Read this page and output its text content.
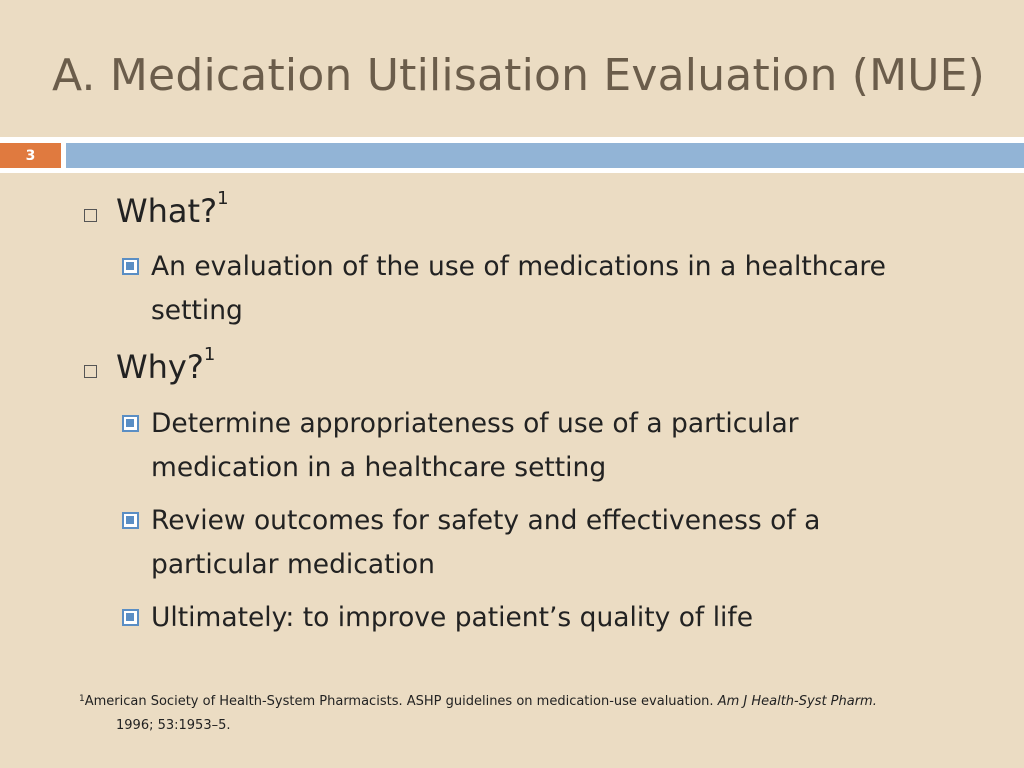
A. Medication Utilisation Evaluation (MUE)
3
What?$^1$
An evaluation of the use of medications in a healthcare setting
Why?$^1$
Determine appropriateness of use of a particular medication in a healthcare setting
Review outcomes for safety and effectiveness of a particular medication
Ultimately: to improve patient’s quality of life
$^1$American Society of Health-System Pharmacists. ASHP guidelines on medication-use evaluation. Am J Health-Syst Pharm.
1996; 53:1953–5.
